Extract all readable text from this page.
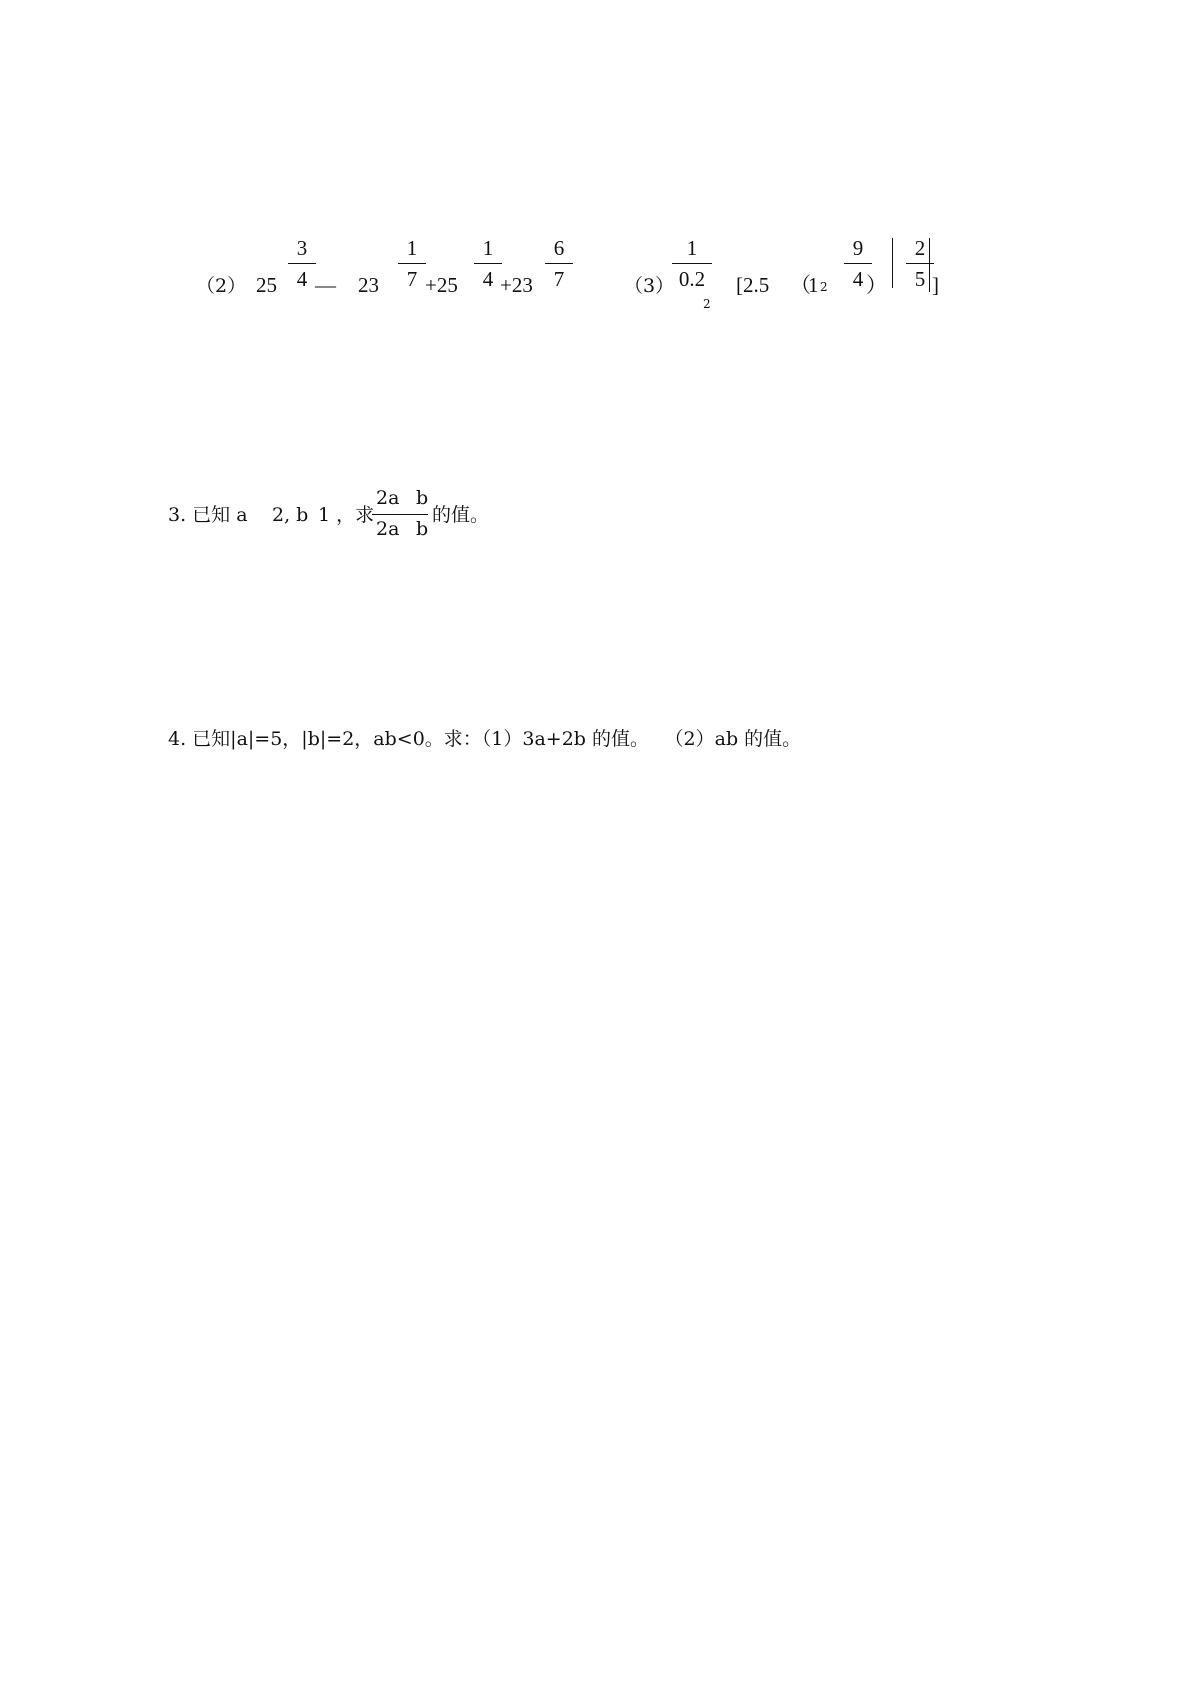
（2） 25
3
4 — 23
1
7 +25
1
4 +23
6
7	（3）
1
0.2
2
[2.5 （
1 2
9
4 ）
2
5 ]
3. 已知 a 2, b 1 ，求
2a b
2a b
的值。
4. 已知|a|=5，|b|=2，ab<0。求：（1）3a+2b 的值。　 （2）ab 的值。
